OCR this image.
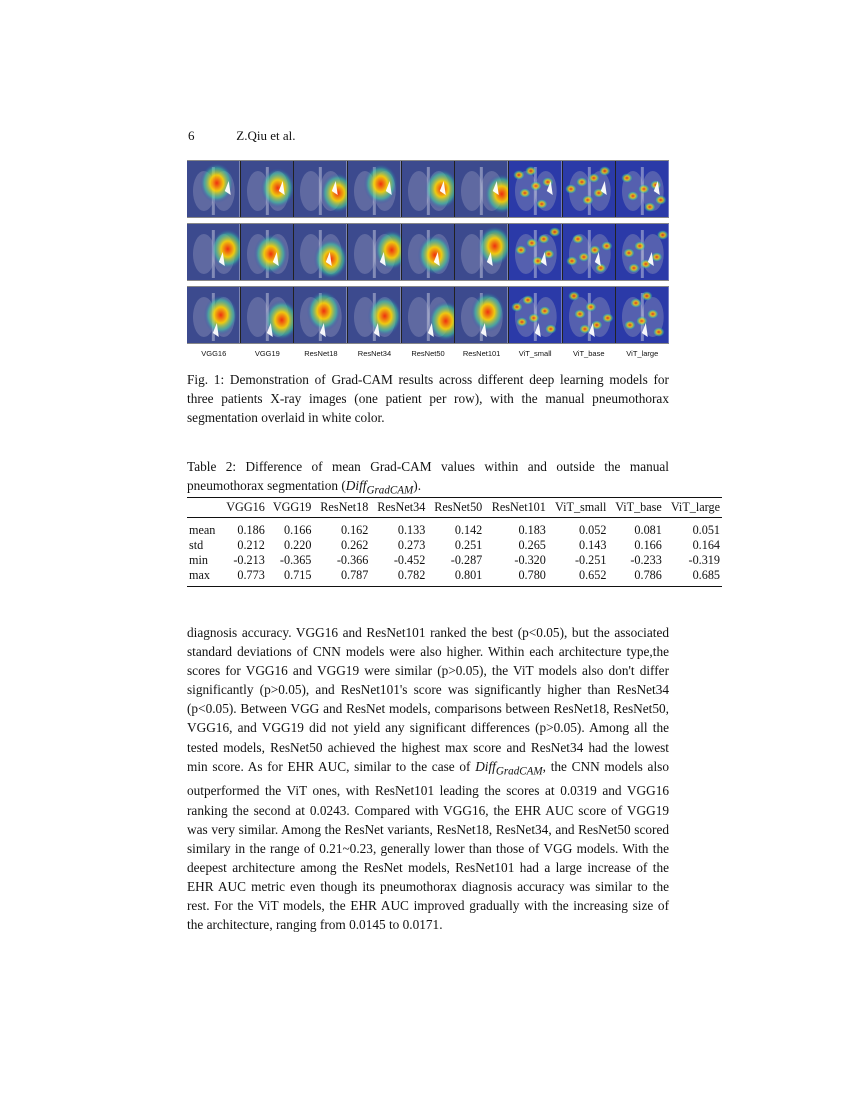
6	Z.Qiu et al.
VGG16	VGG19	ResNet18	ResNet34	ResNet50	ResNet101	ViT_small	ViT_base	ViT_large
Fig. 1: Demonstration of Grad-CAM results across different deep learning models for three patients X-ray images (one patient per row), with the manual pneumothorax segmentation overlaid in white color.
Table 2: Difference of mean Grad-CAM values within and outside the manual pneumothorax segmentation (Diff$_{GradCAM}$).
	VGG16	VGG19	ResNet18	ResNet34	ResNet50	ResNet101	ViT_small	ViT_base	ViT_large
mean	0.186	0.166	0.162	0.133	0.142	0.183	0.052	0.081	0.051
std	0.212	0.220	0.262	0.273	0.251	0.265	0.143	0.166	0.164
min	-0.213	-0.365	-0.366	-0.452	-0.287	-0.320	-0.251	-0.233	-0.319
max	0.773	0.715	0.787	0.782	0.801	0.780	0.652	0.786	0.685
diagnosis accuracy. VGG16 and ResNet101 ranked the best (p<0.05), but the associated standard deviations of CNN models were also higher. Within each architecture type,the scores for VGG16 and VGG19 were similar (p>0.05), the ViT models also don't differ significantly (p>0.05), and ResNet101's score was significantly higher than ResNet34 (p<0.05). Between VGG and ResNet models, comparisons between ResNet18, ResNet50, VGG16, and VGG19 did not yield any significant differences (p>0.05). Among all the tested models, ResNet50 achieved the highest max score and ResNet34 had the lowest min score. As for EHR AUC, similar to the case of Diff$_{GradCAM}$, the CNN models also outperformed the ViT ones, with ResNet101 leading the scores at 0.0319 and VGG16 ranking the second at 0.0243. Compared with VGG16, the EHR AUC score of VGG19 was very similar. Among the ResNet variants, ResNet18, ResNet34, and ResNet50 scored similary in the range of 0.21~0.23, generally lower than those of VGG models. With the deepest architecture among the ResNet models, ResNet101 had a large increase of the EHR AUC metric even though its pneumothorax diagnosis accuracy was similar to the rest. For the ViT models, the EHR AUC improved gradually with the increasing size of the architecture, ranging from 0.0145 to 0.0171.
